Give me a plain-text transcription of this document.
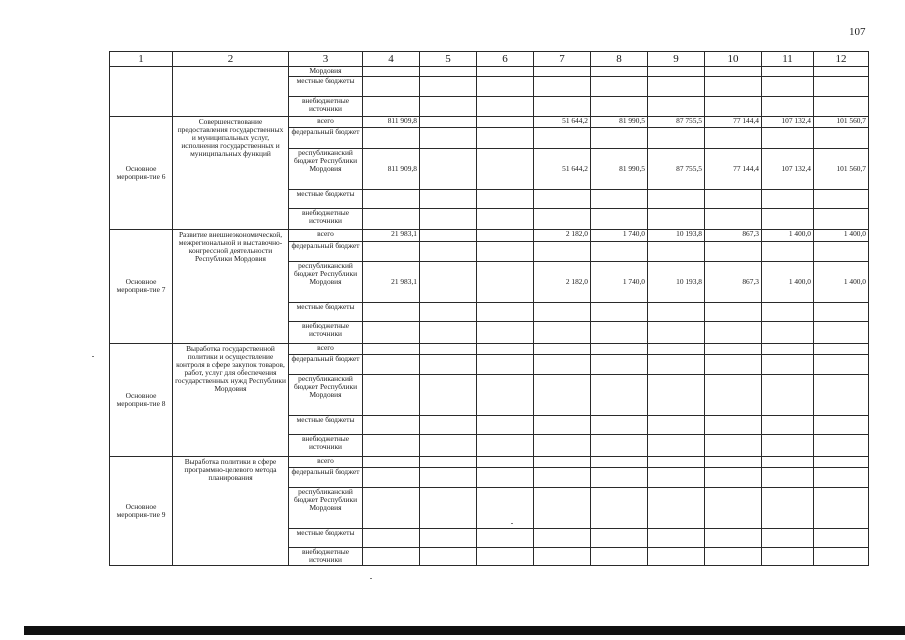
107
1	2	3	4	5	6	7	8	9	10	11	12
		Мордовия									
		местные бюджеты									
		внебюджетные источники									
Основное мероприя-тие 6	Совершенствование предоставления государственных и муниципальных услуг, исполнения государственных и муниципальных функций	всего	811 909,8			51 644,2	81 990,5	87 755,5	77 144,4	107 132,4	101 560,7
		федеральный бюджет									
		республиканский бюджет Республики Мордовия	811 909,8			51 644,2	81 990,5	87 755,5	77 144,4	107 132,4	101 560,7
		местные бюджеты									
		внебюджетные источники									
Основное мероприя-тие 7	Развитие внешнеэкономической, межрегиональной и выставочно-конгрессной деятельности Республики Мордовия	всего	21 983,1			2 182,0	1 740,0	10 193,8	867,3	1 400,0	1 400,0
		федеральный бюджет									
		республиканский бюджет Республики Мордовия	21 983,1			2 182,0	1 740,0	10 193,8	867,3	1 400,0	1 400,0
		местные бюджеты									
		внебюджетные источники									
Основное мероприя-тие 8	Выработка государственной политики и осуществление контроля в сфере закупок товаров, работ, услуг для обеспечения государственных нужд Республики Мордовия	всего									
		федеральный бюджет									
		республиканский бюджет Республики Мордовия									
		местные бюджеты									
		внебюджетные источники									
Основное мероприя-тие 9	Выработка политики в сфере программно-целевого метода планирования	всего									
		федеральный бюджет									
		республиканский бюджет Республики Мордовия									
		местные бюджеты									
		внебюджетные источники									
